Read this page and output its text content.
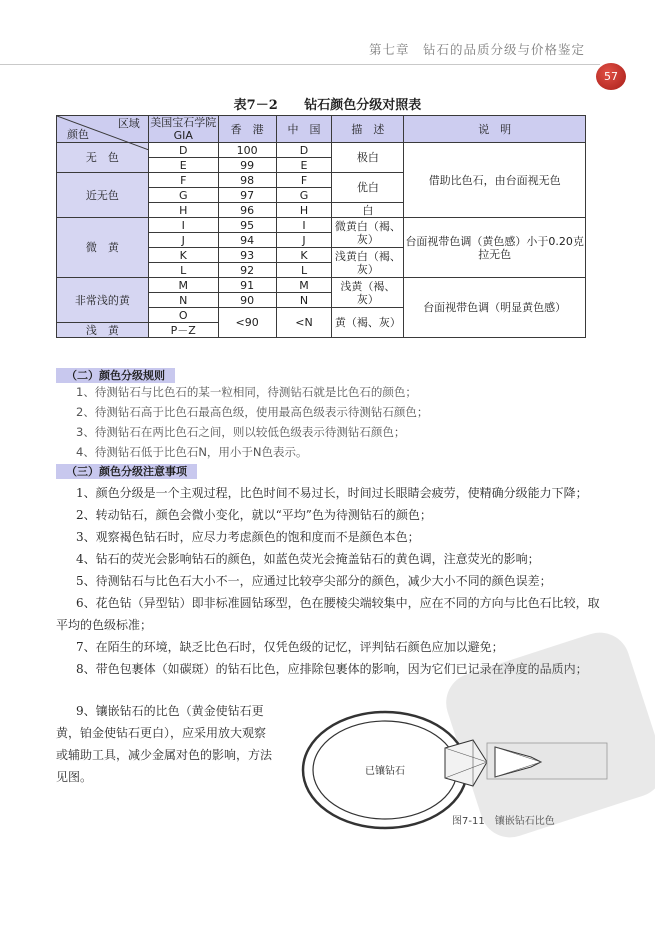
第七章　钻石的品质分级与价格鉴定
57
表7－2 钻石颜色分级对照表
区域
颜色	美国宝石学院GIA	香　港	中　国	描　述	说　明
无　色	D	100	D	极白	借助比色石，由台面视无色
	E	99	E		
近无色	F	98	F	优白	
	G	97	G		
	H	96	H	白	
微　黄	I	95	I	微黄白（褐、灰）	台面视带色调（黄色感）小于0.20克拉无色
	J	94	J		
	K	93	K	浅黄白（褐、灰）	
	L	92	L		
非常浅的黄	M	91	M	浅黄（褐、灰）	台面视带色调（明显黄色感）
	N	90	N		
	O	<90	<N	黄（褐、灰）	
浅　黄	P－Z				
（二）颜色分级规则

1、待测钻石与比色石的某一粒相同，待测钻石就是比色石的颜色；

2、待测钻石高于比色石最高色级，使用最高色级表示待测钻石颜色；

3、待测钻石在两比色石之间，则以较低色级表示待测钻石颜色；

4、待测钻石低于比色石N，用小于N色表示。

（三）颜色分级注意事项

1、颜色分级是一个主观过程，比色时间不易过长，时间过长眼睛会疲劳，使精确分级能力下降；

2、转动钻石，颜色会微小变化，就以“平均”色为待测钻石的颜色；

3、观察褐色钻石时，应尽力考虑颜色的饱和度而不是颜色本色；

4、钻石的荧光会影响钻石的颜色，如蓝色荧光会掩盖钻石的黄色调，注意荧光的影响；

5、待测钻石与比色石大小不一，应通过比较亭尖部分的颜色，减少大小不同的颜色误差；

6、花色钻（异型钻）即非标准圆钻琢型，色在腰棱尖端较集中，应在不同的方向与比色石比较，取平均的色级标准；

7、在陌生的环境，缺乏比色石时，仅凭色级的记忆，评判钻石颜色应加以避免；

8、带色包裹体（如碳斑）的钻石比色，应排除包裹体的影响，因为它们已记录在净度的品质内；

9、镶嵌钻石的比色（黄金使钻石更黄，铂金使钻石更白），应采用放大观察或辅助工具，减少金属对色的影响，方法见图。	已镶钻石
图7-11　镶嵌钻石比色
